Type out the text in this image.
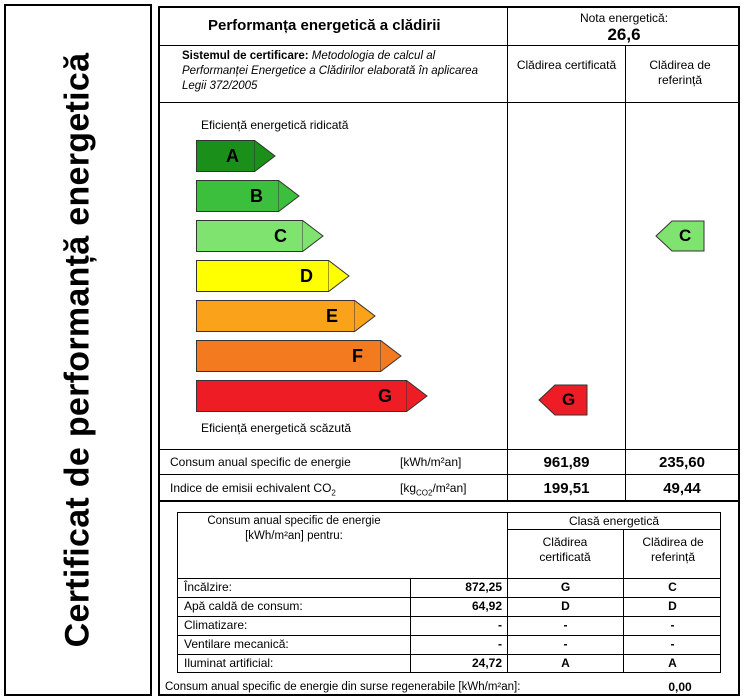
Certificat de performanță energetică
Performanța energetică a clădirii	Nota energetică:
26,6
Sistemul de certificare: Metodologia de calcul al Performanței Energetice a Clădirilor elaborată în aplicarea Legii 372/2005
Clădirea certificată	Clădirea de referință
Eficiență energetică ridicată
A
B
C
D
E
F
G
Eficiență energetică scăzută
G
C
Consum anual specific de energie	[kWh/m²an]	961,89	235,60
Indice de emisii echivalent $CO_2$	$[kg_{CO2}/m^2an]$	199,51	49,44
Consum anual specific de energie din surse regenerabile [kWh/m²an]:	0,00
Consum anual specific de energie
[kWh/m²an] pentru:
Clasă energetică
Clădirea certificată
Clădirea de referință
Încălzire:	872,25	G	C
Apă caldă de consum:	64,92	D	D
Climatizare:	-	-	-
Ventilare mecanică:	-	-	-
Iluminat artificial:	24,72	A	A
